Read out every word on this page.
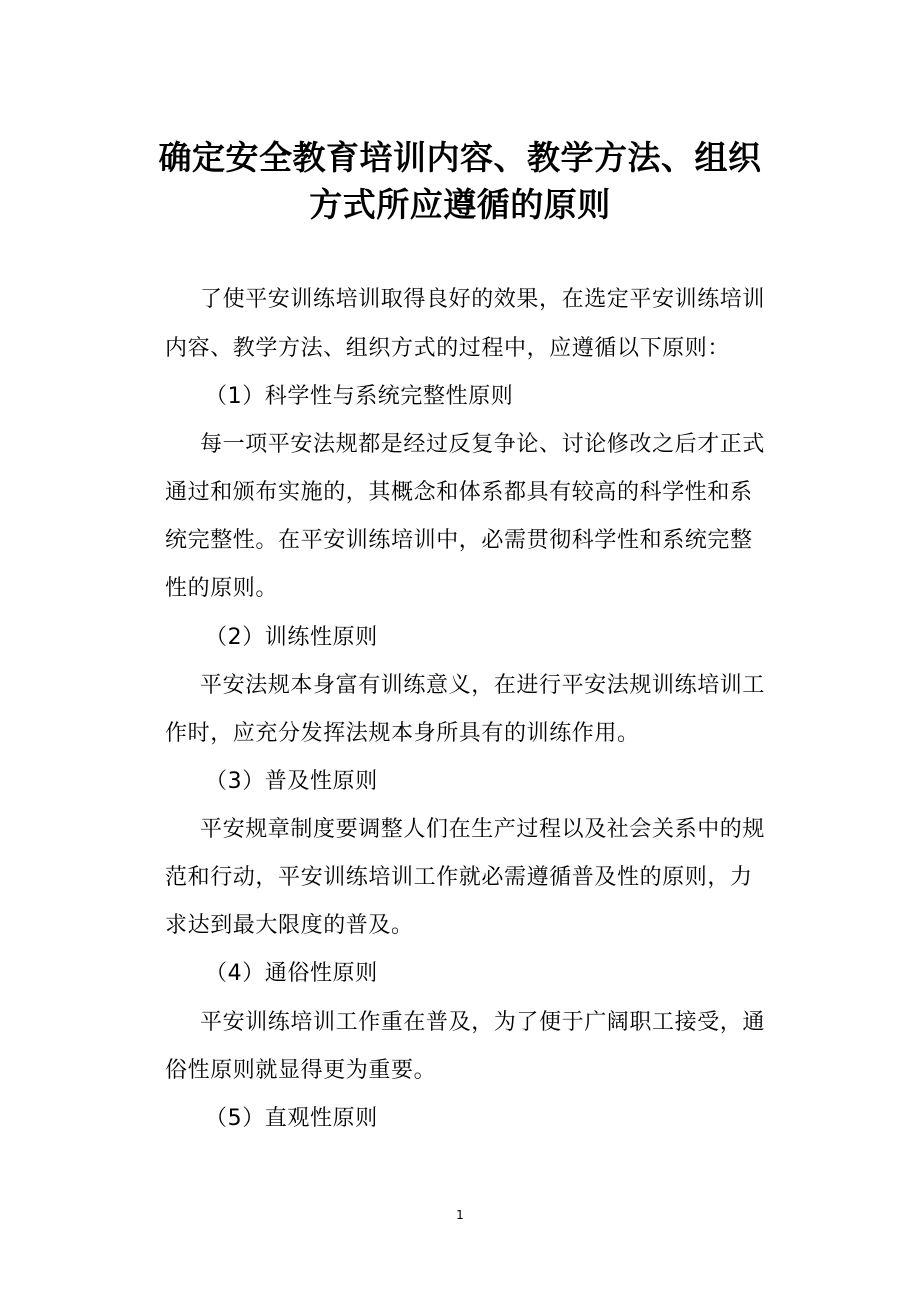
确定安全教育培训内容、教学方法、组织
方式所应遵循的原则
了使平安训练培训取得良好的效果，在选定平安训练培训
内容、教学方法、组织方式的过程中，应遵循以下原则：
（1）科学性与系统完整性原则
每一项平安法规都是经过反复争论、讨论修改之后才正式
通过和颁布实施的，其概念和体系都具有较高的科学性和系
统完整性。在平安训练培训中，必需贯彻科学性和系统完整
性的原则。
（2）训练性原则
平安法规本身富有训练意义，在进行平安法规训练培训工
作时，应充分发挥法规本身所具有的训练作用。
（3）普及性原则
平安规章制度要调整人们在生产过程以及社会关系中的规
范和行动，平安训练培训工作就必需遵循普及性的原则，力
求达到最大限度的普及。
（4）通俗性原则
平安训练培训工作重在普及，为了便于广阔职工接受，通
俗性原则就显得更为重要。
（5）直观性原则
1
